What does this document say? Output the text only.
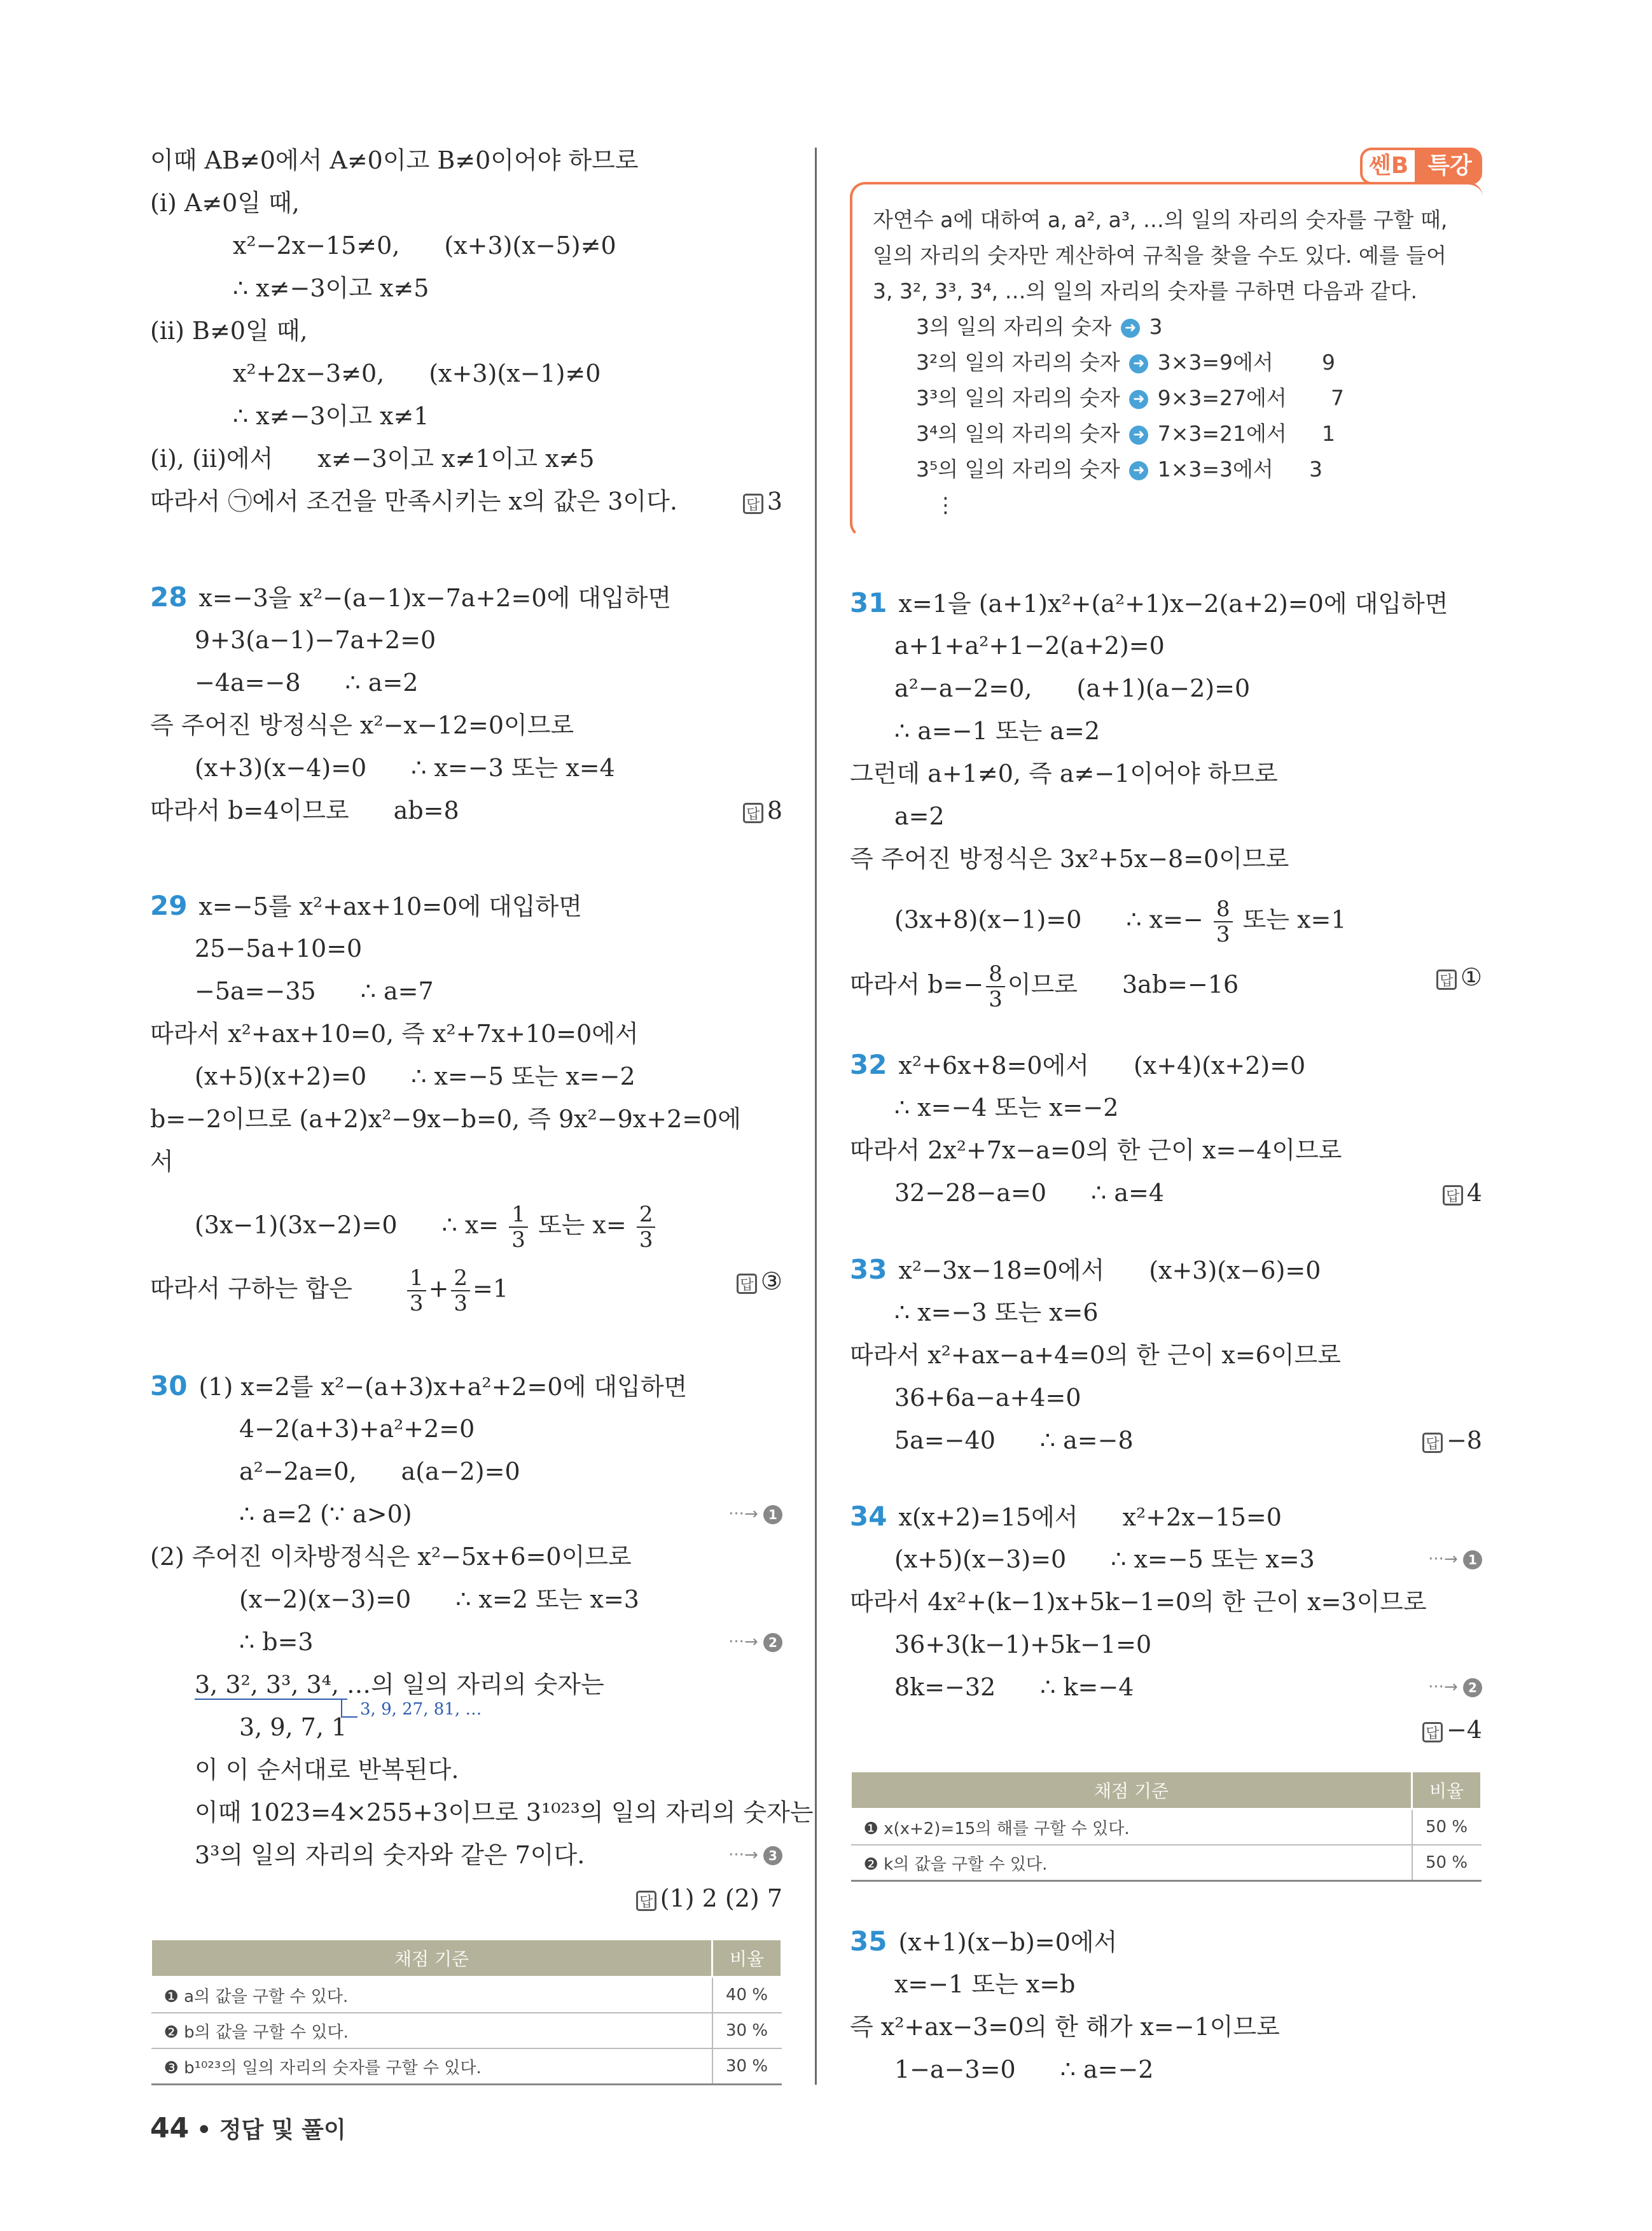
이때 AB≠0에서 A≠0이고 B≠0이어야 하므로
(i) A≠0일 때,
x²−2x−15≠0, (x+3)(x−5)≠0
∴ x≠−3이고 x≠5
(ii) B≠0일 때,
x²+2x−3≠0, (x+3)(x−1)≠0
∴ x≠−3이고 x≠1
(i), (ii)에서 x≠−3이고 x≠1이고 x≠5
따라서 ㉠에서 조건을 만족시키는 x의 값은 3이다.	답 3
28 x=−3을 x²−(a−1)x−7a+2=0에 대입하면
9+3(a−1)−7a+2=0
−4a=−8 ∴ a=2
즉 주어진 방정식은 x²−x−12=0이므로
(x+3)(x−4)=0 ∴ x=−3 또는 x=4
따라서 b=4이므로 ab=8	답 8
29 x=−5를 x²+ax+10=0에 대입하면
25−5a+10=0
−5a=−35 ∴ a=7
따라서 x²+ax+10=0, 즉 x²+7x+10=0에서
(x+5)(x+2)=0 ∴ x=−5 또는 x=−2
b=−2이므로 (a+2)x²−9x−b=0, 즉 9x²−9x+2=0에
서
(3x−1)(3x−2)=0 ∴ $x= \frac{1}{3}$ 또는 $x= \frac{2}{3}$
따라서 구하는 합은	$\frac{1}{3} + \frac{2}{3} =1$	답 ③
30 (1) x=2를 x²−(a+3)x+a²+2=0에 대입하면
4−2(a+3)+a²+2=0
a²−2a=0, a(a−2)=0
∴ a=2 (∵ a>0)	···→ 1
(2) 주어진 이차방정식은 x²−5x+6=0이므로
(x−2)(x−3)=0 ∴ x=2 또는 x=3
∴ b=3	···→ 2
3, 3², 3³, 3⁴, …의 일의 자리의 숫자는
3, 9, 27, 81, …
3, 9, 7, 1
이 이 순서대로 반복된다.
이때 1023=4×255+3이므로 3¹⁰²³의 일의 자리의 숫자는
3³의 일의 자리의 숫자와 같은 7이다.	···→ 3
답 (1) 2 (2) 7
채점 기준	비율
❶ a의 값을 구할 수 있다.	40 %
❷ b의 값을 구할 수 있다.	30 %
❸ b¹⁰²³의 일의 자리의 숫자를 구할 수 있다.	30 %
쎈B 특강
자연수 a에 대하여 a, a², a³, …의 일의 자리의 숫자를 구할 때,
일의 자리의 숫자만 계산하여 규칙을 찾을 수도 있다. 예를 들어
3, 3², 3³, 3⁴, …의 일의 자리의 숫자를 구하면 다음과 같다.
3의 일의 자리의 숫자 ➜ 3
3²의 일의 자리의 숫자 ➜ 3×3=9에서 9
3³의 일의 자리의 숫자 ➜ 9×3=27에서 7
3⁴의 일의 자리의 숫자 ➜ 7×3=21에서 1
3⁵의 일의 자리의 숫자 ➜ 1×3=3에서 3
⋮
31 x=1을 (a+1)x²+(a²+1)x−2(a+2)=0에 대입하면
a+1+a²+1−2(a+2)=0
a²−a−2=0, (a+1)(a−2)=0
∴ a=−1 또는 a=2
그런데 a+1≠0, 즉 a≠−1이어야 하므로
a=2
즉 주어진 방정식은 3x²+5x−8=0이므로
(3x+8)(x−1)=0 ∴ $x=- \frac{8}{3}$ 또는 x=1
따라서 $b=- \frac{8}{3}$ 이므로 3ab=−16	답 ①
32 x²+6x+8=0에서 (x+4)(x+2)=0
∴ x=−4 또는 x=−2
따라서 2x²+7x−a=0의 한 근이 x=−4이므로
32−28−a=0 ∴ a=4	답 4
33 x²−3x−18=0에서 (x+3)(x−6)=0
∴ x=−3 또는 x=6
따라서 x²+ax−a+4=0의 한 근이 x=6이므로
36+6a−a+4=0
5a=−40 ∴ a=−8	답 −8
34 x(x+2)=15에서 x²+2x−15=0
(x+5)(x−3)=0 ∴ x=−5 또는 x=3	···→ 1
따라서 4x²+(k−1)x+5k−1=0의 한 근이 x=3이므로
36+3(k−1)+5k−1=0
8k=−32 ∴ k=−4	···→ 2
답 −4
채점 기준	비율
❶ x(x+2)=15의 해를 구할 수 있다.	50 %
❷ k의 값을 구할 수 있다.	50 %
35 (x+1)(x−b)=0에서
x=−1 또는 x=b
즉 x²+ax−3=0의 한 해가 x=−1이므로
1−a−3=0 ∴ a=−2
44 • 정답 및 풀이
